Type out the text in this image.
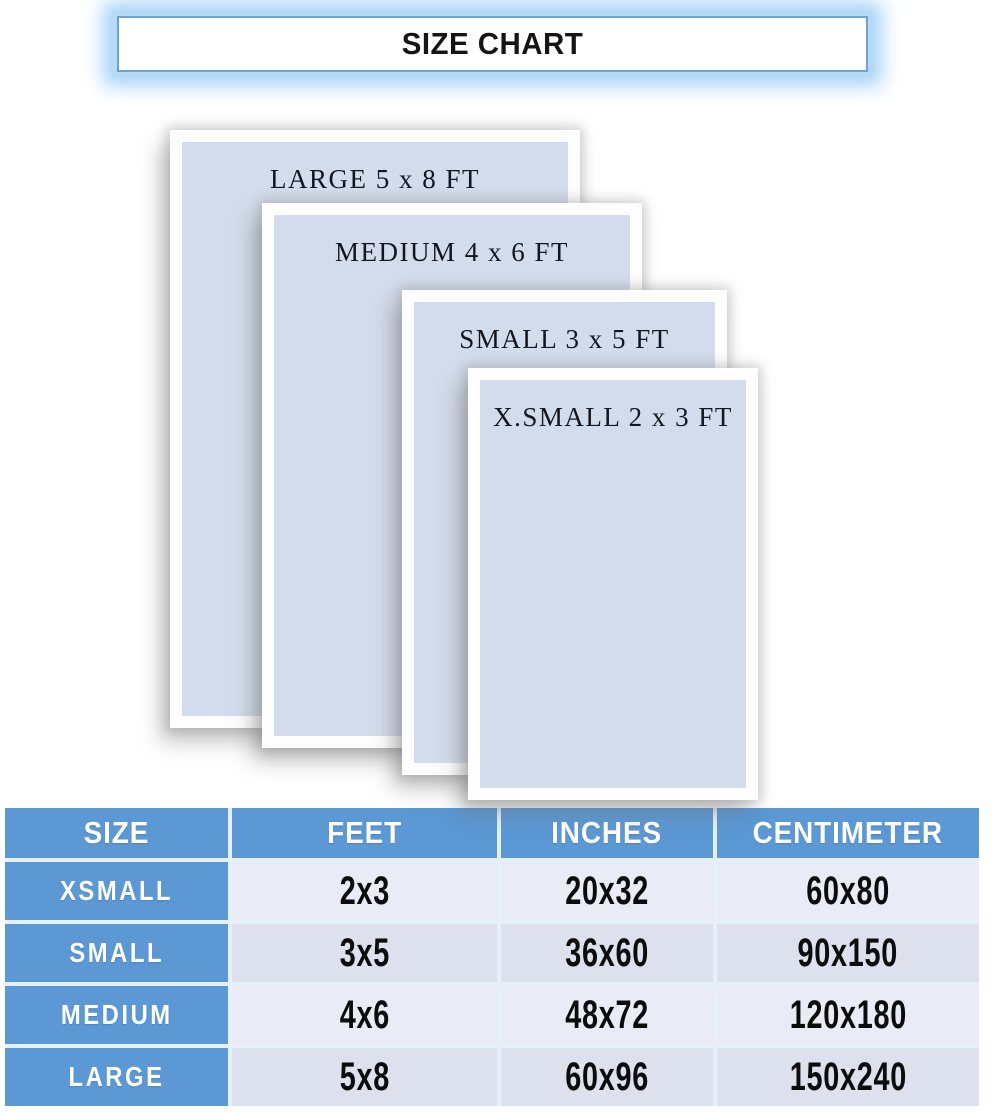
SIZE CHART
LARGE 5 x 8 FT
MEDIUM 4 x 6 FT
SMALL 3 x 5 FT
X.SMALL 2 x 3 FT
SIZE	FEET	INCHES	CENTIMETER
XSMALL	2x3	20x32	60x80
SMALL	3x5	36x60	90x150
MEDIUM	4x6	48x72	120x180
LARGE	5x8	60x96	150x240
